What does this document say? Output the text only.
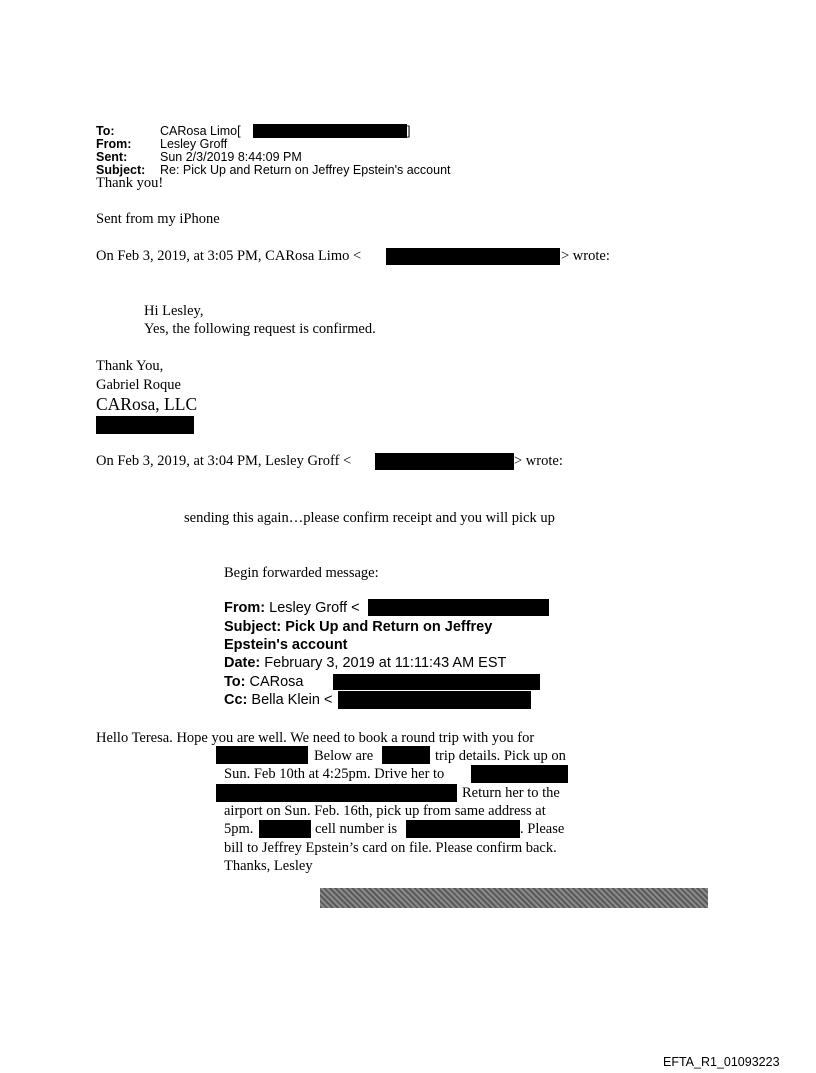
To:	CARosa Limo[	]
From: Lesley Groff
Sent:	Sun 2/3/2019 8:44:09 PM
Subject: Re: Pick Up and Return on Jeffrey Epstein's account
Thank you!
Sent from my iPhone
On Feb 3, 2019, at 3:05 PM, CARosa Limo <	> wrote:
Hi Lesley,
Yes, the following request is confirmed.
Thank You,
Gabriel Roque
CARosa, LLC
On Feb 3, 2019, at 3:04 PM, Lesley Groff <	> wrote:
sending this again…please confirm receipt and you will pick up
Begin forwarded message:
From: Lesley Groff <
Subject: Pick Up and Return on Jeffrey
Epstein's account
Date: February 3, 2019 at 11:11:43 AM EST
To: CARosa
Cc: Bella Klein <
Hello Teresa. Hope you are well. We need to book a round trip with you for
Below are	trip details. Pick up on
Sun. Feb 10th at 4:25pm. Drive her to
Return her to the
airport on Sun. Feb. 16th, pick up from same address at
5pm.	cell number is	. Please
bill to Jeffrey Epstein’s card on file. Please confirm back.
Thanks, Lesley
EFTA_R1_01093223
